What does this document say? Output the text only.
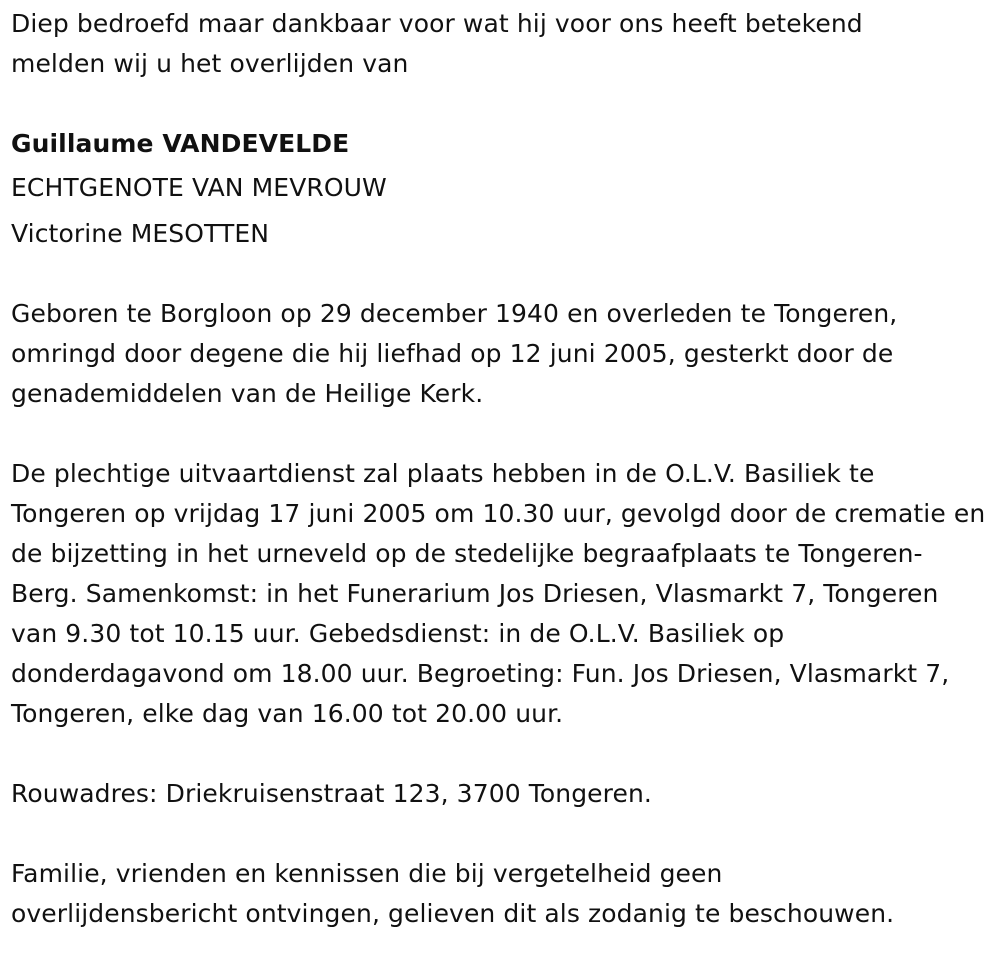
Diep bedroefd maar dankbaar voor wat hij voor ons heeft betekend melden wij u het overlijden van

Guillaume VANDEVELDE

ECHTGENOTE VAN MEVROUW

Victorine MESOTTEN

Geboren te Borgloon op 29 december 1940 en overleden te Tongeren, omringd door degene die hij liefhad op 12 juni 2005, gesterkt door de genademiddelen van de Heilige Kerk.

De plechtige uitvaartdienst zal plaats hebben in de O.L.V. Basiliek te Tongeren op vrijdag 17 juni 2005 om 10.30 uur, gevolgd door de crematie en de bijzetting in het urneveld op de stedelijke begraafplaats te Tongeren-Berg. Samenkomst: in het Funerarium Jos Driesen, Vlasmarkt 7, Tongeren van 9.30 tot 10.15 uur. Gebedsdienst: in de O.L.V. Basiliek op donderdagavond om 18.00 uur. Begroeting: Fun. Jos Driesen, Vlasmarkt 7, Tongeren, elke dag van 16.00 tot 20.00 uur.

Rouwadres: Driekruisenstraat 123, 3700 Tongeren.

Familie, vrienden en kennissen die bij vergetelheid geen overlijdensbericht ontvingen, gelieven dit als zodanig te beschouwen.
